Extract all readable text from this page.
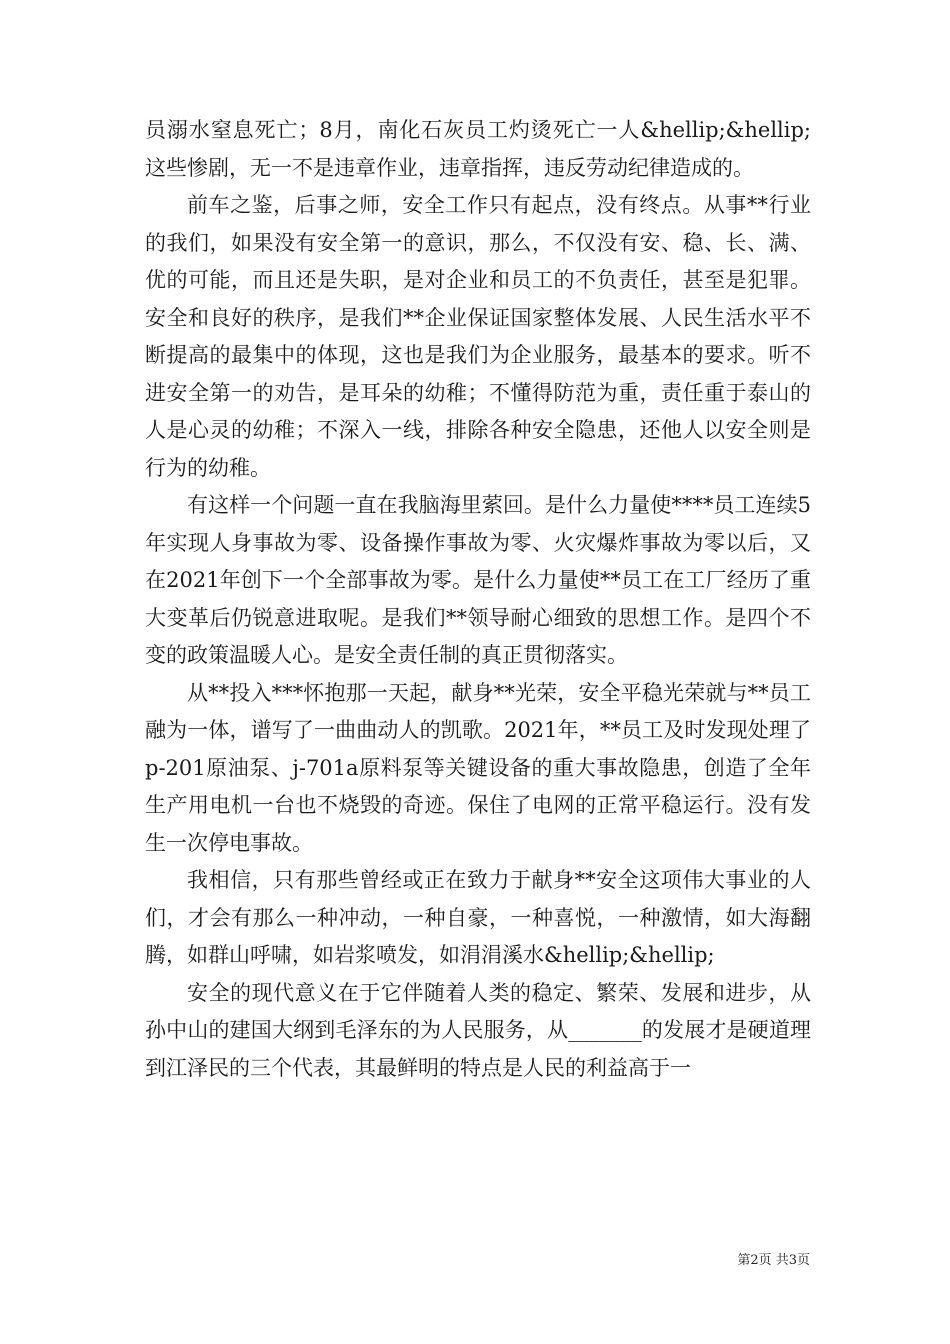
员溺水窒息死亡；8月，南化石灰员工灼烫死亡一人&hellip;&hellip;这些惨剧，无一不是违章作业，违章指挥，违反劳动纪律造成的。

前车之鉴，后事之师，安全工作只有起点，没有终点。从事**行业的我们，如果没有安全第一的意识，那么，不仅没有安、稳、长、满、优的可能，而且还是失职，是对企业和员工的不负责任，甚至是犯罪。安全和良好的秩序，是我们**企业保证国家整体发展、人民生活水平不断提高的最集中的体现，这也是我们为企业服务，最基本的要求。听不进安全第一的劝告，是耳朵的幼稚；不懂得防范为重，责任重于泰山的人是心灵的幼稚；不深入一线，排除各种安全隐患，还他人以安全则是行为的幼稚。

有这样一个问题一直在我脑海里萦回。是什么力量使****员工连续5年实现人身事故为零、设备操作事故为零、火灾爆炸事故为零以后，又在2021年创下一个全部事故为零。是什么力量使**员工在工厂经历了重大变革后仍锐意进取呢。是我们**领导耐心细致的思想工作。是四个不变的政策温暖人心。是安全责任制的真正贯彻落实。

从**投入***怀抱那一天起，献身**光荣，安全平稳光荣就与**员工融为一体，谱写了一曲曲动人的凯歌。2021年，**员工及时发现处理了p-201原油泵、j-701a原料泵等关键设备的重大事故隐患，创造了全年生产用电机一台也不烧毁的奇迹。保住了电网的正常平稳运行。没有发生一次停电事故。

我相信，只有那些曾经或正在致力于献身**安全这项伟大事业的人们，才会有那么一种冲动，一种自豪，一种喜悦，一种激情，如大海翻腾，如群山呼啸，如岩浆喷发，如涓涓溪水&hellip;&hellip;

安全的现代意义在于它伴随着人类的稳定、繁荣、发展和进步，从孙中山的建国大纲到毛泽东的为人民服务，从_______的发展才是硬道理到江泽民的三个代表，其最鲜明的特点是人民的利益高于一

第2页 共3页
